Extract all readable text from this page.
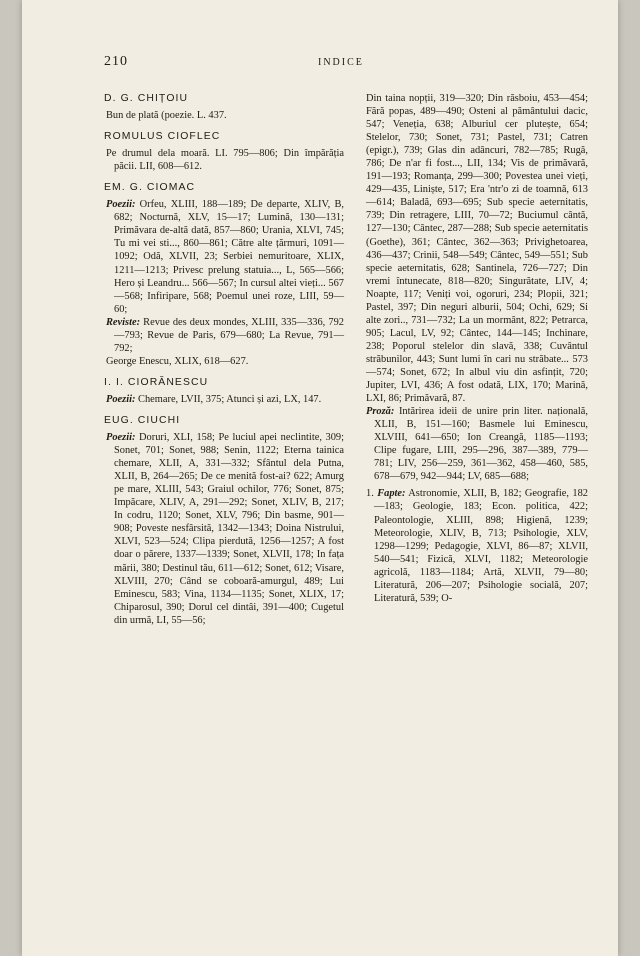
210	INDICE
D. G. CHIȚOIU

Bun de plată (poezie. L. 437.

ROMULUS CIOFLEC

Pe drumul dela moară. LI. 795—806; Din împărăția păcii. LII, 608—612.

EM. G. CIOMAC

Poezii: Orfeu, XLIII, 188—189; De departe, XLIV, B, 682; Nocturnă, XLV, 15—17; Lumină, 130—131; Primăvara de-altă dată, 857—860; Urania, XLVI, 745; Tu mi vei sti..., 860—861; Către alte țărmuri, 1091—1092; Odă, XLVII, 23; Serbiei nemuritoare, XLIX, 1211—1213; Privesc prelung statuia..., L, 565—566; Hero și Leandru... 566—567; In cursul altei vieți... 567—568; Infiripare, 568; Poemul unei roze, LIII, 59—60;

Reviste: Revue des deux mondes, XLIII, 335—336, 792—793; Revue de Paris, 679—680; La Revue, 791—792;

George Enescu, XLIX, 618—627.

I. I. CIORĂNESCU

Poezii: Chemare, LVII, 375; Atunci și azi, LX, 147.

EUG. CIUCHI

Poezii: Doruri, XLI, 158; Pe luciul apei neclintite, 309; Sonet, 701; Sonet, 988; Senin, 1122; Eterna tainica chemare, XLII, A, 331—332; Sfântul dela Putna, XLII, B, 264—265; De ce menită fost-ai? 622; Amurg pe mare, XLIII, 543; Graiul ochilor, 776; Sonet, 875; Impăcare, XLIV, A, 291—292; Sonet, XLIV, B, 217; In codru, 1120; Sonet, XLV, 796; Din basme, 901—908; Poveste nesfârsită, 1342—1343; Doina Nistrului, XLVI, 523—524; Clipa pierdută, 1256—1257; A fost doar o părere, 1337—1339; Sonet, XLVII, 178; In fața mării, 380; Destinul tău, 611—612; Sonet, 612; Visare, XLVIII, 270; Când se coboară-amurgul, 489; Lui Eminescu, 583; Vina, 1134—1135; Sonet, XLIX, 17; Chiparosul, 390; Dorul cel dintâi, 391—400; Cugetul din urmă, LI, 55—56;

Din taina nopții, 319—320; Din răsboiu, 453—454; Fără popas, 489—490; Osteni al pământului dacic, 547; Veneția, 638; Alburiul cer plutește, 654; Stelelor, 730; Sonet, 731; Pastel, 731; Catren (epigr.), 739; Glas din adâncuri, 782—785; Rugă, 786; De n'ar fi fost..., LII, 134; Vis de primăvară, 191—193; Romanța, 299—300; Povestea unei vieți, 429—435, Liniște, 517; Era 'ntr'o zi de toamnă, 613—614; Baladă, 693—695; Sub specie aeternitatis, 739; Din retragere, LIII, 70—72; Buciumul cântă, 127—130; Cântec, 287—288; Sub specie aeternitatis (Goethe), 361; Cântec, 362—363; Privighetoarea, 436—437; Crinii, 548—549; Cântec, 549—551; Sub specie aeternitatis, 628; Santinela, 726—727; Din vremi întunecate, 818—820; Singurătate, LIV, 4; Noapte, 117; Veniți voi, ogoruri, 234; Plopii, 321; Pastel, 397; Din neguri alburii, 504; Ochi, 629; Si alte zori.., 731—732; La un mormânt, 822; Petrarca, 905; Lacul, LV, 92; Cântec, 144—145; Inchinare, 238; Poporul stelelor din slavă, 338; Cuvântul străbunilor, 443; Sunt lumi în cari nu străbate... 573—574; Sonet, 672; In albul viu din asfințit, 720; Jupiter, LVI, 436; A fost odată, LIX, 170; Marină, LXI, 86; Primăvară, 87.

Proză: Intărirea ideii de unire prin liter. națională, XLII, B, 151—160; Basmele lui Eminescu, XLVIII, 641—650; Ion Creangă, 1185—1193; Clipe fugare, LIII, 295—296, 387—389, 779—781; LIV, 256—259, 361—362, 458—460, 585, 678—679, 942—944; LV, 685—688;

1. Fapte: Astronomie, XLII, B, 182; Geografie, 182—183; Geologie, 183; Econ. politica, 422; Paleontologie, XLIII, 898; Higienă, 1239; Meteorologie, XLIV, B, 713; Psihologie, XLV, 1298—1299; Pedagogie, XLVI, 86—87; XLVII, 540—541; Fizică, XLVI, 1182; Meteorologie agricolă, 1183—1184; Artă, XLVII, 79—80; Literatură, 206—207; Psihologie socială, 207; Literatură, 539; O-
